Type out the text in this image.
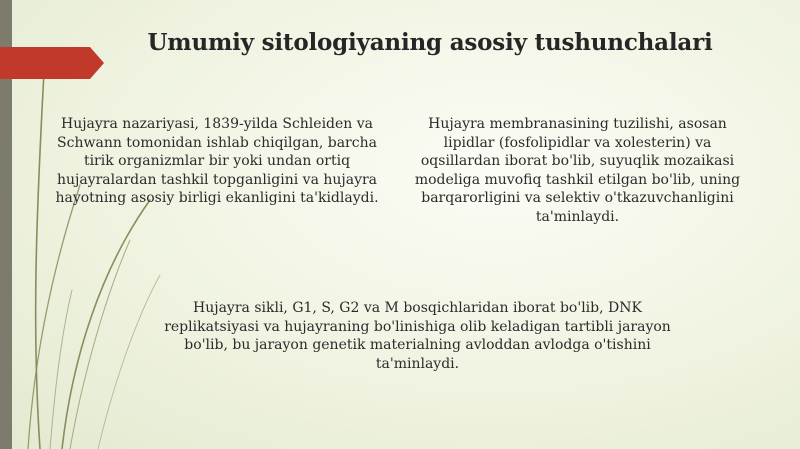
Umumiy sitologiyaning asosiy tushunchalari

Hujayra nazariyasi, 1839-yilda Schleiden va Schwann tomonidan ishlab chiqilgan, barcha tirik organizmlar bir yoki undan ortiq hujayralardan tashkil topganligini va hujayra hayotning asosiy birligi ekanligini ta'kidlaydi.

Hujayra membranasining tuzilishi, asosan lipidlar (fosfolipidlar va xolesterin) va oqsillardan iborat bo'lib, suyuqlik mozaikasi modeliga muvofiq tashkil etilgan bo'lib, uning barqarorligini va selektiv o'tkazuvchanligini ta'minlaydi.

Hujayra sikli, G1, S, G2 va M bosqichlaridan iborat bo'lib, DNK replikatsiyasi va hujayraning bo'linishiga olib keladigan tartibli jarayon bo'lib, bu jarayon genetik materialning avloddan avlodga o'tishini ta'minlaydi.
